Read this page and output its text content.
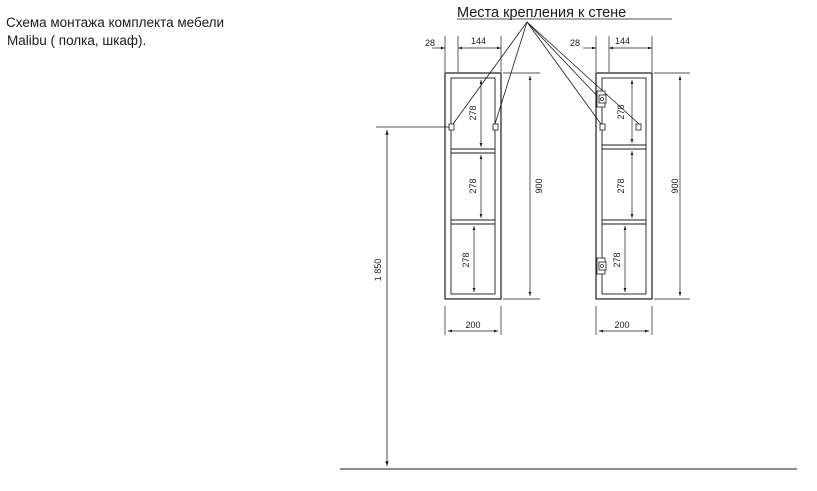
Схема монтажа комплекта мебели
Malibu ( полка, шкаф).
Места крепления к стене
1 850
28	144
278
278
278
900
200
28	144
278
278
278
900
200
